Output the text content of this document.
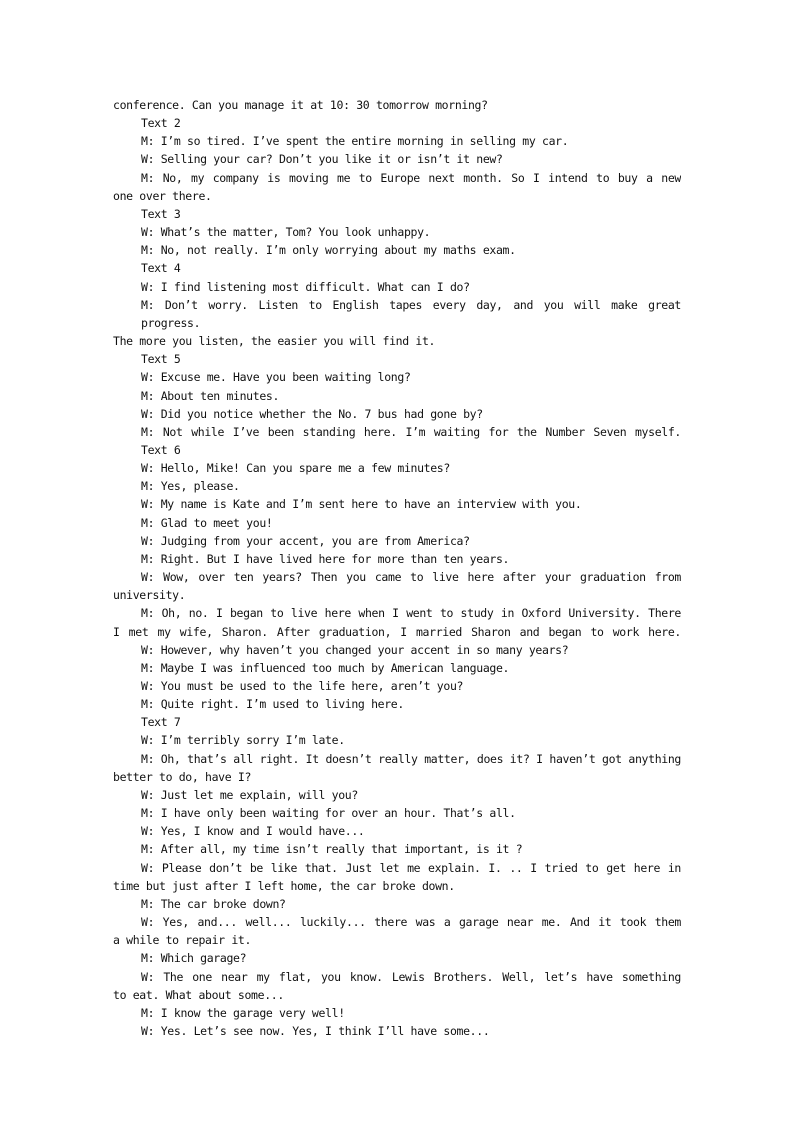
conference. Can you manage it at 10: 30 tomorrow morning?
Text 2
M: I’m so tired. I’ve spent the entire morning in selling my car.
W: Selling your car? Don’t you like it or isn’t it new?
M: No, my company is moving me to Europe next month. So I intend to buy a new
one over there.
Text 3
W: What’s the matter, Tom? You look unhappy.
M: No, not really. I’m only worrying about my maths exam.
Text 4
W: I find listening most difficult. What can I do?
M: Don’t worry. Listen to English tapes every day, and you will make great progress.
The more you listen, the easier you will find it.
Text 5
W: Excuse me. Have you been waiting long?
M: About ten minutes.
W: Did you notice whether the No. 7 bus had gone by?
M: Not while I’ve been standing here. I’m waiting for the Number Seven myself.
Text 6
W: Hello, Mike! Can you spare me a few minutes?
M: Yes, please.
W: My name is Kate and I’m sent here to have an interview with you.
M: Glad to meet you!
W: Judging from your accent, you are from America?
M: Right. But I have lived here for more than ten years.
W: Wow, over ten years? Then you came to live here after your graduation from
university.
M: Oh, no. I began to live here when I went to study in Oxford University. There
I met my wife, Sharon. After graduation, I married Sharon and began to work here.
W: However, why haven’t you changed your accent in so many years?
M: Maybe I was influenced too much by American language.
W: You must be used to the life here, aren’t you?
M: Quite right. I’m used to living here.
Text 7
W: I’m terribly sorry I’m late.
M: Oh, that’s all right. It doesn’t really matter, does it? I haven’t got anything
better to do, have I?
W: Just let me explain, will you?
M: I have only been waiting for over an hour. That’s all.
W: Yes, I know and I would have...
M: After all, my time isn’t really that important, is it ?
W: Please don’t be like that. Just let me explain. I. .. I tried to get here in
time but just after I left home, the car broke down.
M: The car broke down?
W: Yes, and... well... luckily... there was a garage near me. And it took them
a while to repair it.
M: Which garage?
W: The one near my flat, you know. Lewis Brothers. Well, let’s have something
to eat. What about some...
M: I know the garage very well!
W: Yes. Let’s see now. Yes, I think I’ll have some...
